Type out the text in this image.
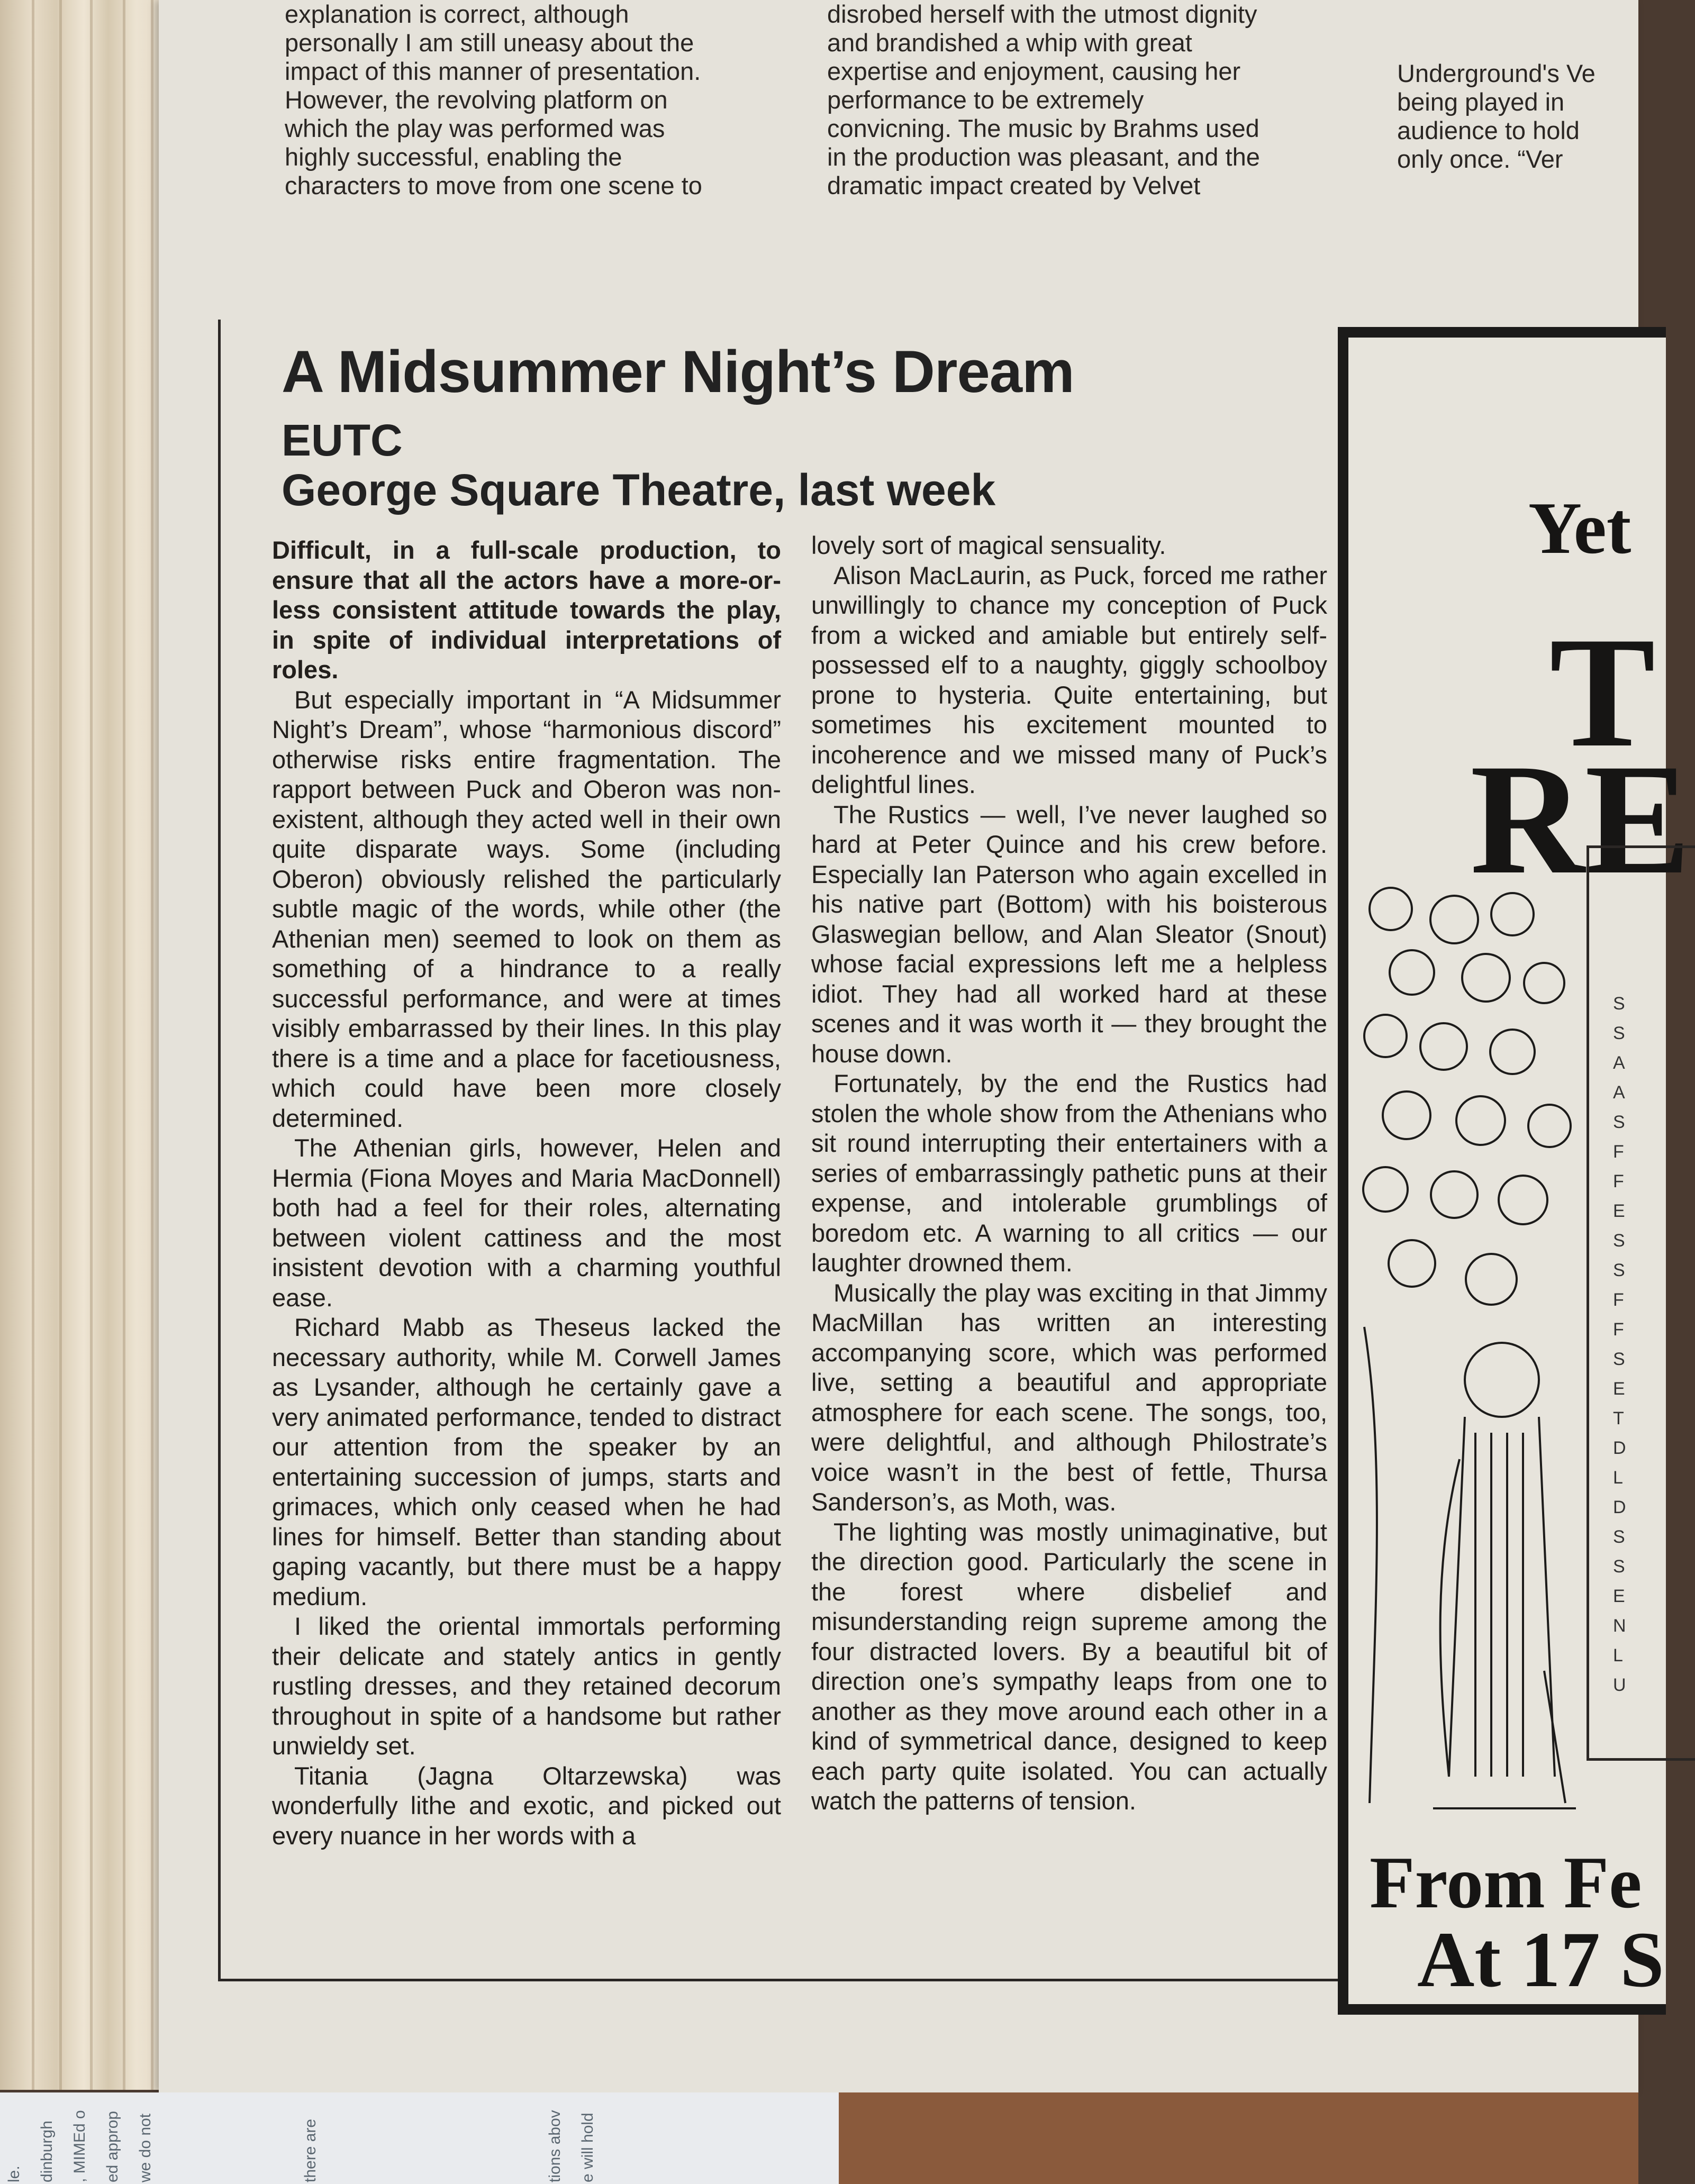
explanation is correct, although

personally I am still uneasy about the

impact of this manner of presentation.

However, the revolving platform on

which the play was performed was

highly successful, enabling the

characters to move from one scene to

disrobed herself with the utmost dignity

and brandished a whip with great

expertise and enjoyment, causing her

performance to be extremely

convicning. The music by Brahms used

in the production was pleasant, and the

dramatic impact created by Velvet

Underground's Ve

being played in

audience to hold

only once. “Ver

A Midsummer Night’s Dream
EUTC
George Square Theatre, last week

Difficult, in a full-scale production, to ensure that all the actors have a more-or-less consistent attitude towards the play, in spite of individual interpretations of roles.

But especially important in “A Midsummer Night’s Dream”, whose “harmonious discord” otherwise risks entire fragmentation. The rapport between Puck and Oberon was non-existent, although they acted well in their own quite disparate ways. Some (including Oberon) obviously relished the particularly subtle magic of the words, while other (the Athenian men) seemed to look on them as something of a hindrance to a really successful performance, and were at times visibly embarrassed by their lines. In this play there is a time and a place for facetiousness, which could have been more closely determined.

The Athenian girls, however, Helen and Hermia (Fiona Moyes and Maria MacDonnell) both had a feel for their roles, alternating between violent cattiness and the most insistent devotion with a charming youthful ease.

Richard Mabb as Theseus lacked the necessary authority, while M. Corwell James as Lysander, although he certainly gave a very animated performance, tended to distract our attention from the speaker by an entertaining succession of jumps, starts and grimaces, which only ceased when he had lines for himself. Better than standing about gaping vacantly, but there must be a happy medium.

I liked the oriental immortals performing their delicate and stately antics in gently rustling dresses, and they retained decorum throughout in spite of a handsome but rather unwieldy set.

Titania (Jagna Oltarzewska) was wonderfully lithe and exotic, and picked out every nuance in her words with a

lovely sort of magical sensuality.

Alison MacLaurin, as Puck, forced me rather unwillingly to chance my conception of Puck from a wicked and amiable but entirely self-possessed elf to a naughty, giggly schoolboy prone to hysteria. Quite entertaining, but sometimes his excitement mounted to incoherence and we missed many of Puck’s delightful lines.

The Rustics — well, I’ve never laughed so hard at Peter Quince and his crew before. Especially Ian Paterson who again excelled in his native part (Bottom) with his boisterous Glaswegian bellow, and Alan Sleator (Snout) whose facial expressions left me a helpless idiot. They had all worked hard at these scenes and it was worth it — they brought the house down.

Fortunately, by the end the Rustics had stolen the whole show from the Athenians who sit round interrupting their entertainers with a series of embarrassingly pathetic puns at their expense, and intolerable grumblings of boredom etc. A warning to all critics — our laughter drowned them.

Musically the play was exciting in that Jimmy MacMillan has written an interesting accompanying score, which was performed live, setting a beautiful and appropriate atmosphere for each scene. The songs, too, were delightful, and although Philostrate’s voice wasn’t in the best of fettle, Thursa Sanderson’s, as Moth, was.

The lighting was mostly unimaginative, but the direction good. Particularly the scene in the forest where disbelief and misunderstanding reign supreme among the four distracted lovers. By a beautiful bit of direction one’s sympathy leaps from one to another as they move around each other in a kind of symmetrical dance, designed to keep each party quite isolated. You can actually watch the patterns of tension.

Yet
T
RE
S
S
A
A
S
F
F
E
S
S
F
F
S
E
T
D
L
D
S
S
E
N
L
U
From Fe
At 17 S
le. dinburgh , MIMEd o ed approp we do not	there are	tions abov e will hold
